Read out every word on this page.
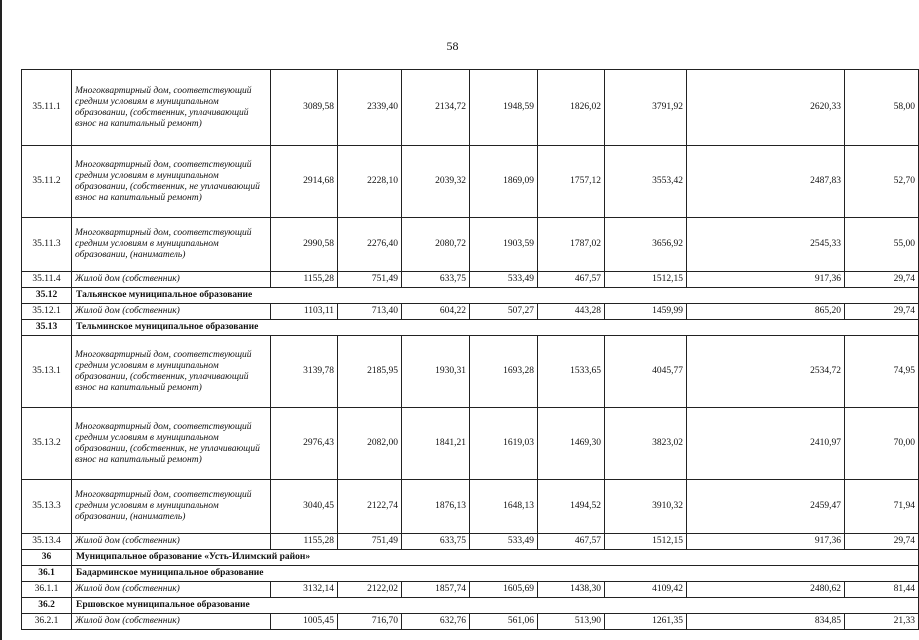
58
35.11.1	Многоквартирный дом, соответствующий средним условиям в муниципальном образовании, (собственник, уплачивающий взнос на капитальный ремонт)	3089,58	2339,40	2134,72	1948,59	1826,02	3791,92	2620,33	58,00
35.11.2	Многоквартирный дом, соответствующий средним условиям в муниципальном образовании, (собственник, не уплачивающий взнос на капитальный ремонт)	2914,68	2228,10	2039,32	1869,09	1757,12	3553,42	2487,83	52,70
35.11.3	Многоквартирный дом, соответствующий средним условиям в муниципальном образовании, (наниматель)	2990,58	2276,40	2080,72	1903,59	1787,02	3656,92	2545,33	55,00
35.11.4	Жилой дом (собственник)	1155,28	751,49	633,75	533,49	467,57	1512,15	917,36	29,74
35.12	Тальянское муниципальное образование								
35.12.1	Жилой дом (собственник)	1103,11	713,40	604,22	507,27	443,28	1459,99	865,20	29,74
35.13	Тельминское муниципальное образование								
35.13.1	Многоквартирный дом, соответствующий средним условиям в муниципальном образовании, (собственник, уплачивающий взнос на капитальный ремонт)	3139,78	2185,95	1930,31	1693,28	1533,65	4045,77	2534,72	74,95
35.13.2	Многоквартирный дом, соответствующий средним условиям в муниципальном образовании, (собственник, не уплачивающий взнос на капитальный ремонт)	2976,43	2082,00	1841,21	1619,03	1469,30	3823,02	2410,97	70,00
35.13.3	Многоквартирный дом, соответствующий средним условиям в муниципальном образовании, (наниматель)	3040,45	2122,74	1876,13	1648,13	1494,52	3910,32	2459,47	71,94
35.13.4	Жилой дом (собственник)	1155,28	751,49	633,75	533,49	467,57	1512,15	917,36	29,74
36	Муниципальное образование «Усть-Илимский район»								
36.1	Бадарминское муниципальное образование								
36.1.1	Жилой дом (собственник)	3132,14	2122,02	1857,74	1605,69	1438,30	4109,42	2480,62	81,44
36.2	Ершовское муниципальное образование								
36.2.1	Жилой дом (собственник)	1005,45	716,70	632,76	561,06	513,90	1261,35	834,85	21,33
